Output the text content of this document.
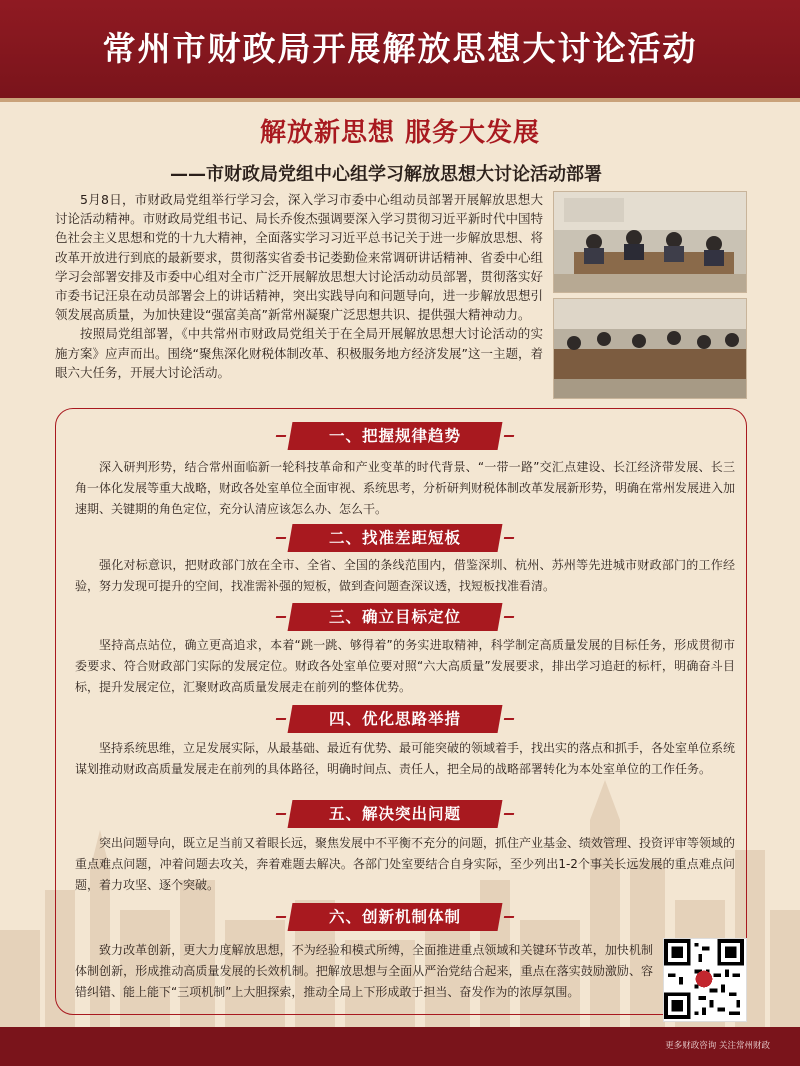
常州市财政局开展解放思想大讨论活动
解放新思想 服务大发展
——市财政局党组中心组学习解放思想大讨论活动部署

5月8日，市财政局党组举行学习会，深入学习市委中心组动员部署开展解放思想大讨论活动精神。市财政局党组书记、局长乔俊杰强调要深入学习贯彻习近平新时代中国特色社会主义思想和党的十九大精神，全面落实学习习近平总书记关于进一步解放思想、将改革开放进行到底的最新要求，贯彻落实省委书记娄勤俭来常调研讲话精神、省委中心组学习会部署安排及市委中心组对全市广泛开展解放思想大讨论活动动员部署，贯彻落实好市委书记汪泉在动员部署会上的讲话精神，突出实践导向和问题导向，进一步解放思想引领发展高质量，为加快建设“强富美高”新常州凝聚广泛思想共识、提供强大精神动力。

按照局党组部署，《中共常州市财政局党组关于在全局开展解放思想大讨论活动的实施方案》应声而出。围绕“聚焦深化财税体制改革、积极服务地方经济发展”这一主题，着眼六大任务，开展大讨论活动。

一、把握规律趋势

深入研判形势，结合常州面临新一轮科技革命和产业变革的时代背景、“一带一路”交汇点建设、长江经济带发展、长三角一体化发展等重大战略，财政各处室单位全面审视、系统思考，分析研判财税体制改革发展新形势，明确在常州发展进入加速期、关键期的角色定位，充分认清应该怎么办、怎么干。

二、找准差距短板

强化对标意识，把财政部门放在全市、全省、全国的条线范围内，借鉴深圳、杭州、苏州等先进城市财政部门的工作经验，努力发现可提升的空间，找准需补强的短板，做到查问题查深议透，找短板找准看清。

三、确立目标定位

坚持高点站位，确立更高追求，本着“跳一跳、够得着”的务实进取精神，科学制定高质量发展的目标任务，形成贯彻市委要求、符合财政部门实际的发展定位。财政各处室单位要对照“六大高质量”发展要求，排出学习追赶的标杆，明确奋斗目标，提升发展定位，汇聚财政高质量发展走在前列的整体优势。

四、优化思路举措

坚持系统思维，立足发展实际，从最基础、最近有优势、最可能突破的领域着手，找出实的落点和抓手，各处室单位系统谋划推动财政高质量发展走在前列的具体路径，明确时间点、责任人，把全局的战略部署转化为本处室单位的工作任务。

五、解决突出问题

突出问题导向，既立足当前又着眼长远，聚焦发展中不平衡不充分的问题，抓住产业基金、绩效管理、投资评审等领域的重点难点问题，冲着问题去攻关，奔着难题去解决。各部门处室要结合自身实际，至少列出1-2个事关长远发展的重点难点问题，着力攻坚、逐个突破。

六、创新机制体制

致力改革创新，更大力度解放思想，不为经验和模式所缚，全面推进重点领域和关键环节改革，加快机制体制创新，形成推动高质量发展的长效机制。把解放思想与全面从严治党结合起来，重点在落实鼓励激励、容错纠错、能上能下“三项机制”上大胆探索，推动全局上下形成敢于担当、奋发作为的浓厚氛围。

更多财政咨询 关注常州财政
